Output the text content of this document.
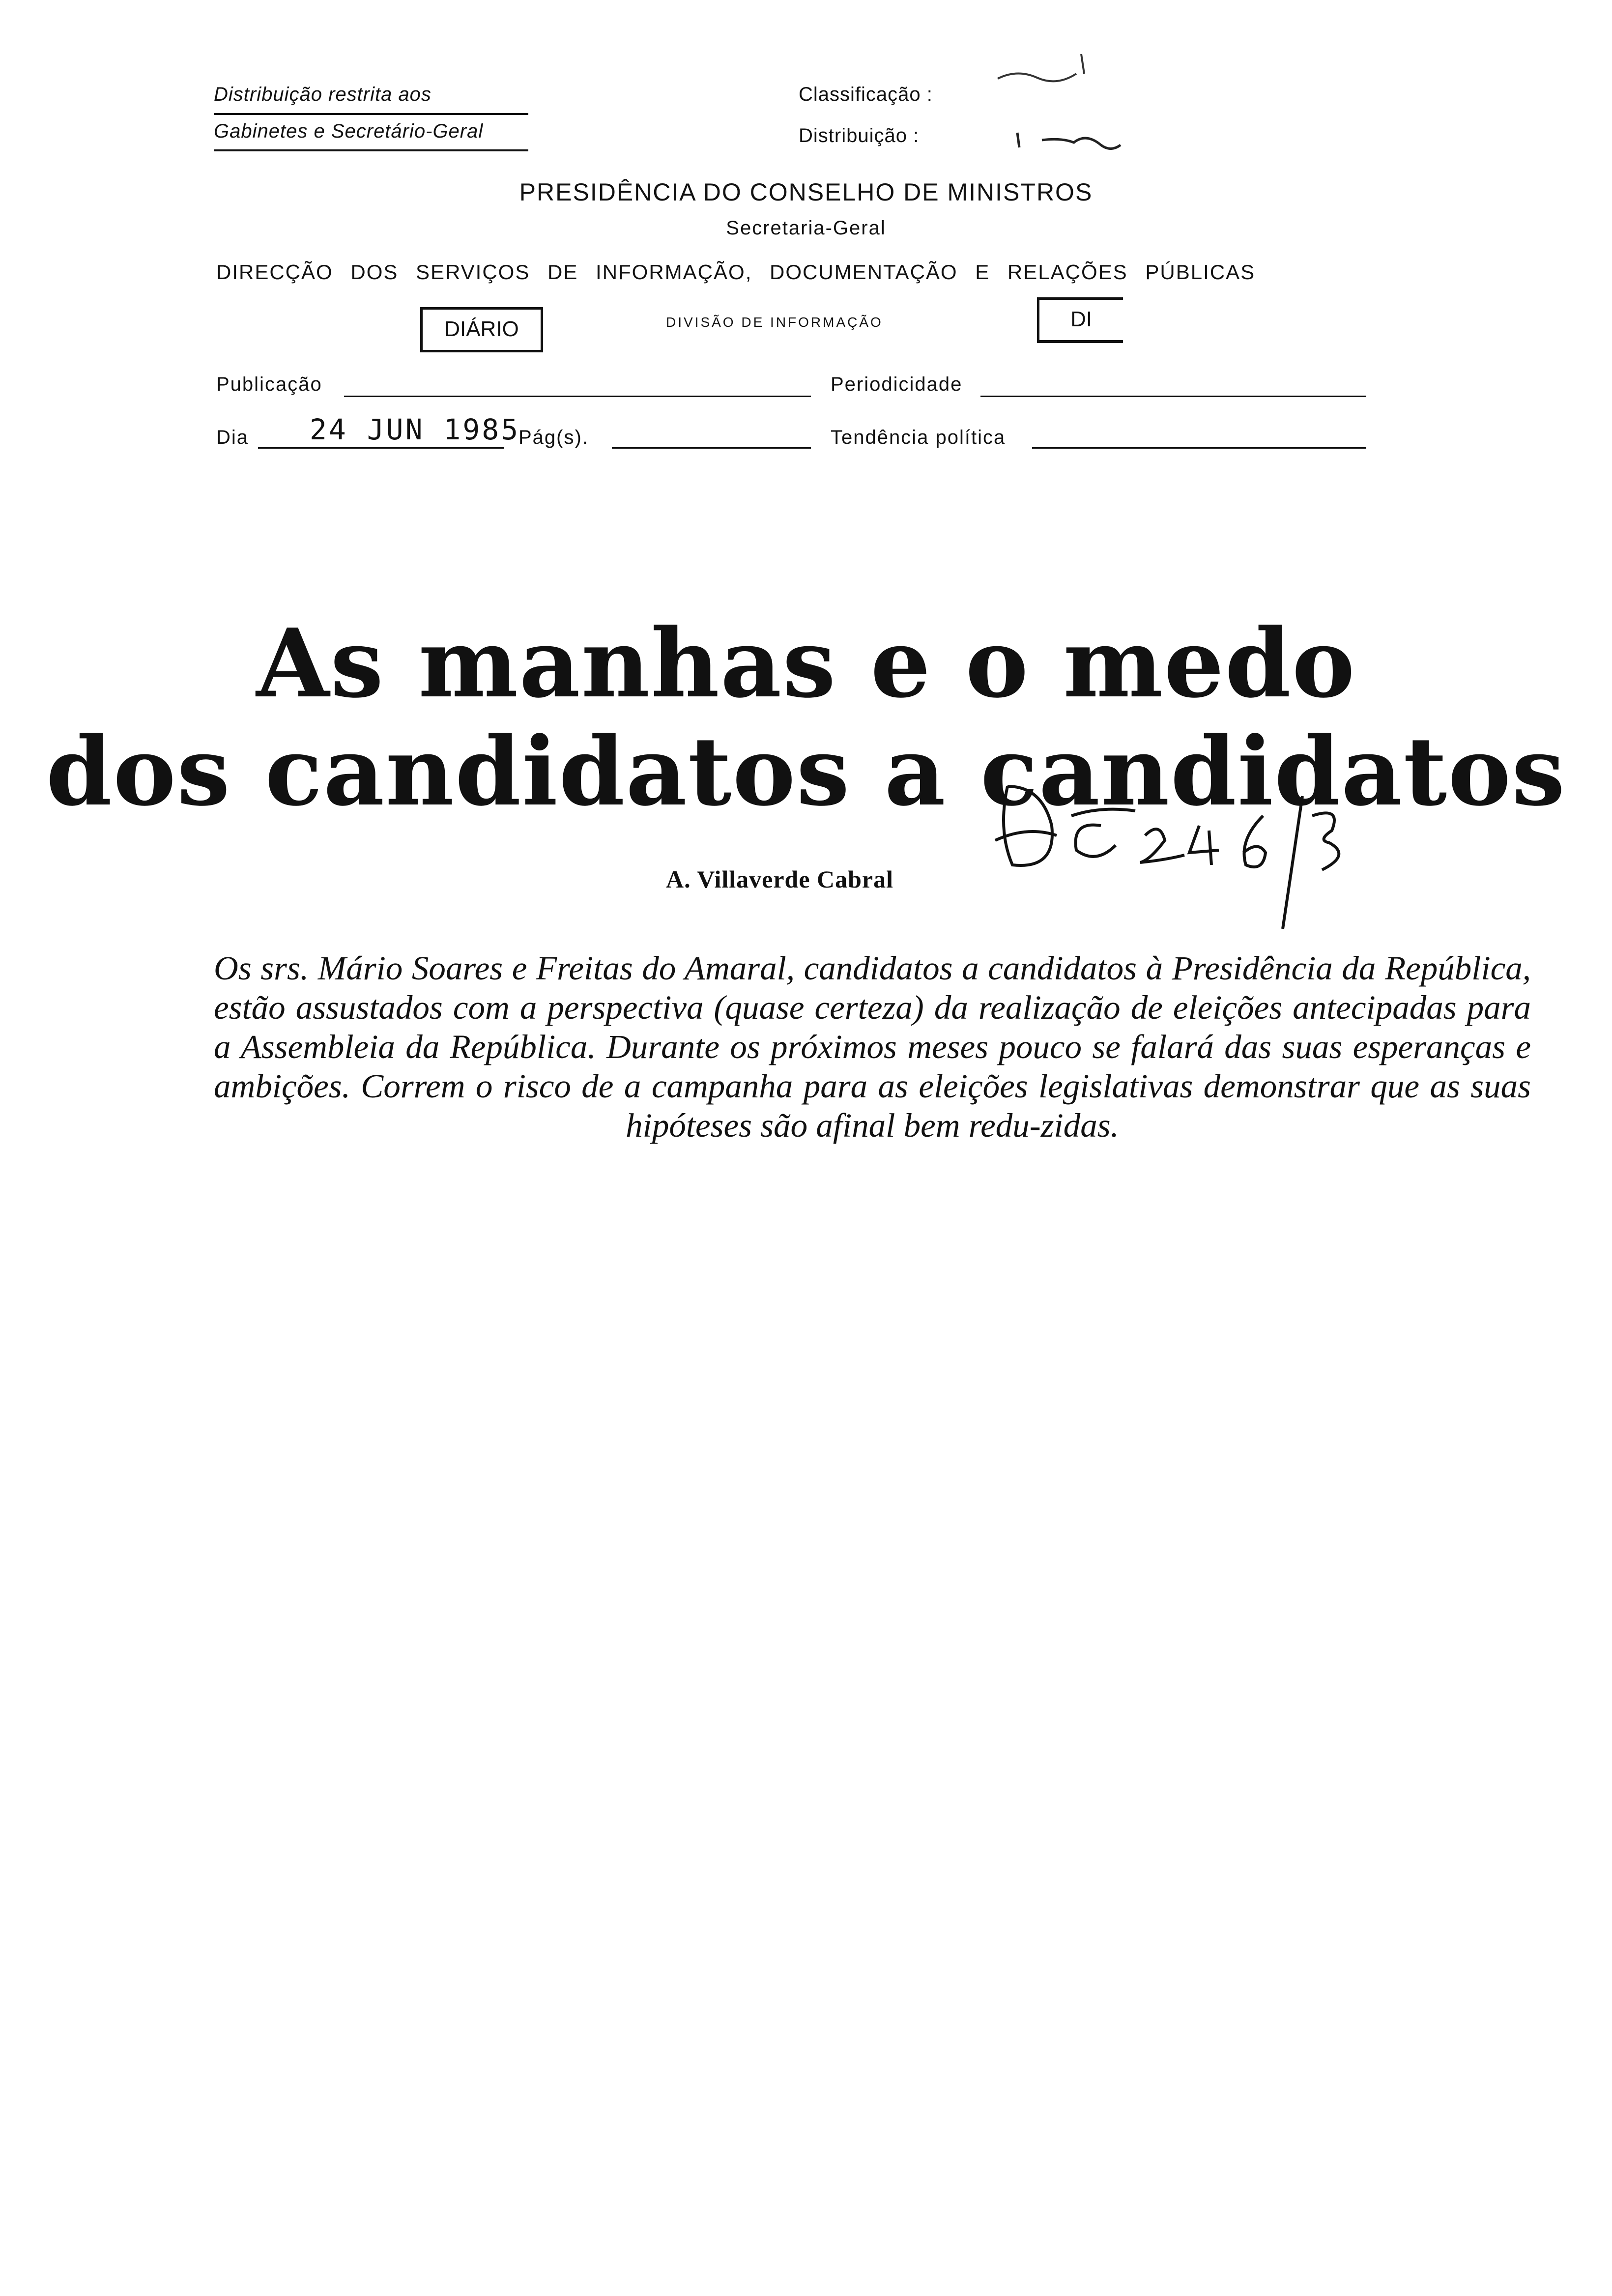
Distribuição restrita aos
Gabinetes e Secretário-Geral
Classificação :
Distribuição :
PRESIDÊNCIA DO CONSELHO DE MINISTROS
Secretaria-Geral
DIRECÇÃO DOS SERVIÇOS DE INFORMAÇÃO, DOCUMENTAÇÃO E RELAÇÕES PÚBLICAS
DIÁRIO	DIVISÃO DE INFORMAÇÃO	DI
Publicação	Periodicidade
Dia 24 JUN 1985
Pág(s).	Tendência política
As manhas e o medo
dos candidatos a candidatos
A. Villaverde Cabral
Os srs. Mário Soares e Freitas do Amaral, candidatos a candidatos à Presidência da República, estão assustados com a perspectiva (quase certeza) da realização de eleições antecipadas para a Assembleia da República. Durante os próximos meses pouco se falará das suas esperanças e ambições. Correm o risco de a campanha para as eleições legislativas demonstrar que as suas hipóteses são afinal bem redu-zidas.
